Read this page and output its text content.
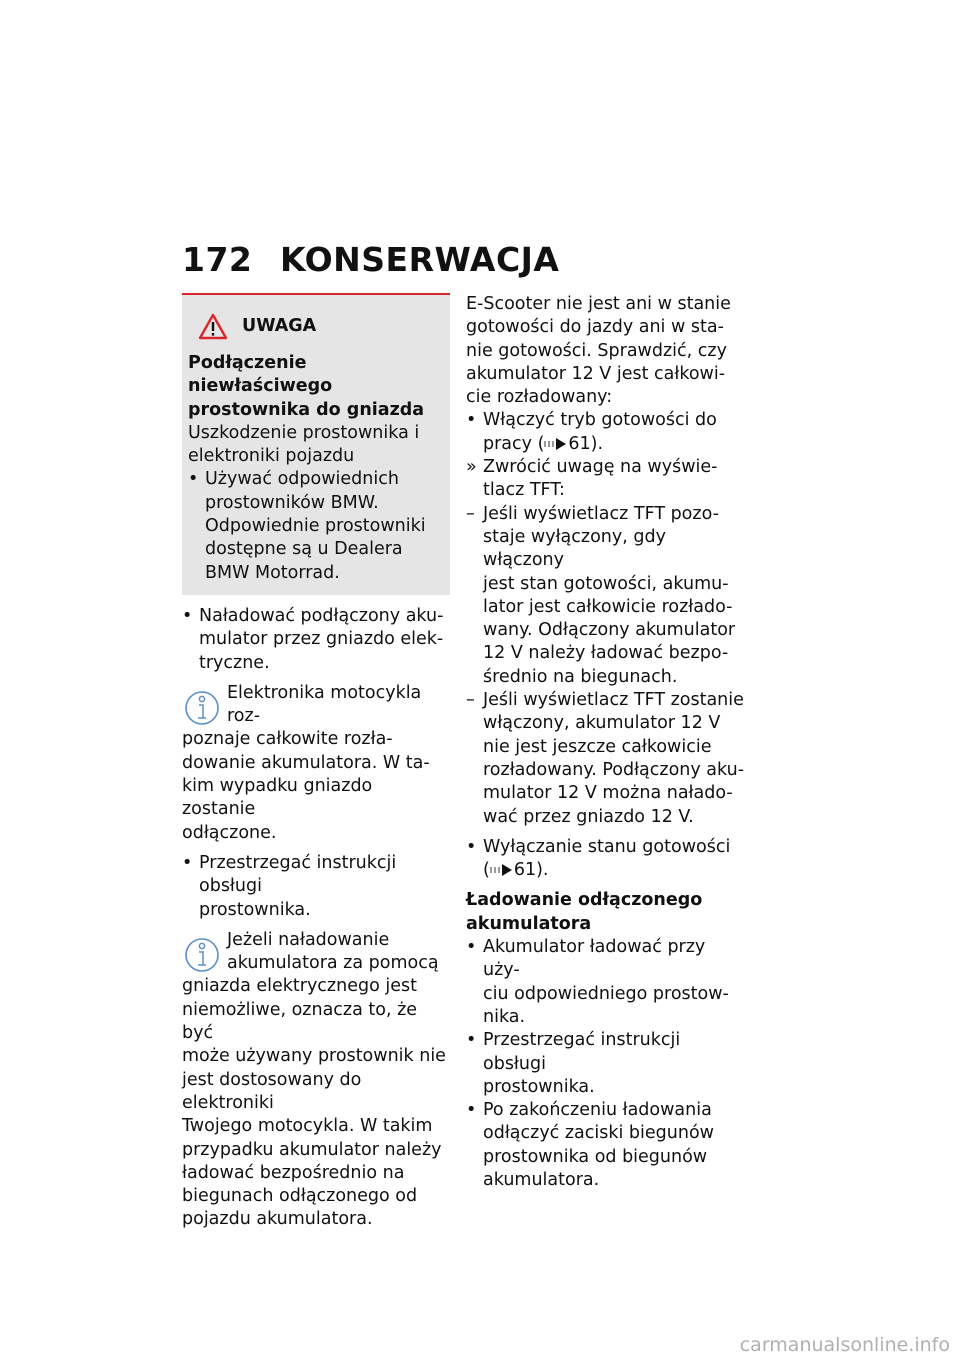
172 KONSERWACJA
UWAGA
Podłączenie niewłaściwego
prostownika do gniazda
Uszkodzenie prostownika i
elektroniki pojazdu
• Używać odpowiednich
prostowników BMW.
Odpowiednie prostowniki
dostępne są u Dealera
BMW Motorrad.
• Naładować podłączony aku-
mulator przez gniazdo elek-
tryczne.
Elektronika motocykla roz-
poznaje całkowite rozła-
dowanie akumulatora. W ta-
kim wypadku gniazdo zostanie
odłączone.
• Przestrzegać instrukcji obsługi
prostownika.
Jeżeli naładowanie
akumulatora za pomocą
gniazda elektrycznego jest
niemożliwe, oznacza to, że być
może używany prostownik nie
jest dostosowany do elektroniki
Twojego motocykla. W takim
przypadku akumulator należy
ładować bezpośrednio na
biegunach odłączonego od
pojazdu akumulatora.
E-Scooter nie jest ani w stanie
gotowości do jazdy ani w sta-
nie gotowości. Sprawdzić, czy
akumulator 12 V jest całkowi-
cie rozładowany:
• Włączyć tryb gotowości do
pracy ( 61).
» Zwrócić uwagę na wyświe-
tlacz TFT:
– Jeśli wyświetlacz TFT pozo-
staje wyłączony, gdy włączony
jest stan gotowości, akumu-
lator jest całkowicie rozłado-
wany. Odłączony akumulator
12 V należy ładować bezpo-
średnio na biegunach.
– Jeśli wyświetlacz TFT zostanie
włączony, akumulator 12 V
nie jest jeszcze całkowicie
rozładowany. Podłączony aku-
mulator 12 V można nałado-
wać przez gniazdo 12 V.
• Wyłączanie stanu gotowości
( 61).
Ładowanie odłączonego
akumulatora
• Akumulator ładować przy uży-
ciu odpowiedniego prostow-
nika.
• Przestrzegać instrukcji obsługi
prostownika.
• Po zakończeniu ładowania
odłączyć zaciski biegunów
prostownika od biegunów
akumulatora.
carmanualsonline.info
